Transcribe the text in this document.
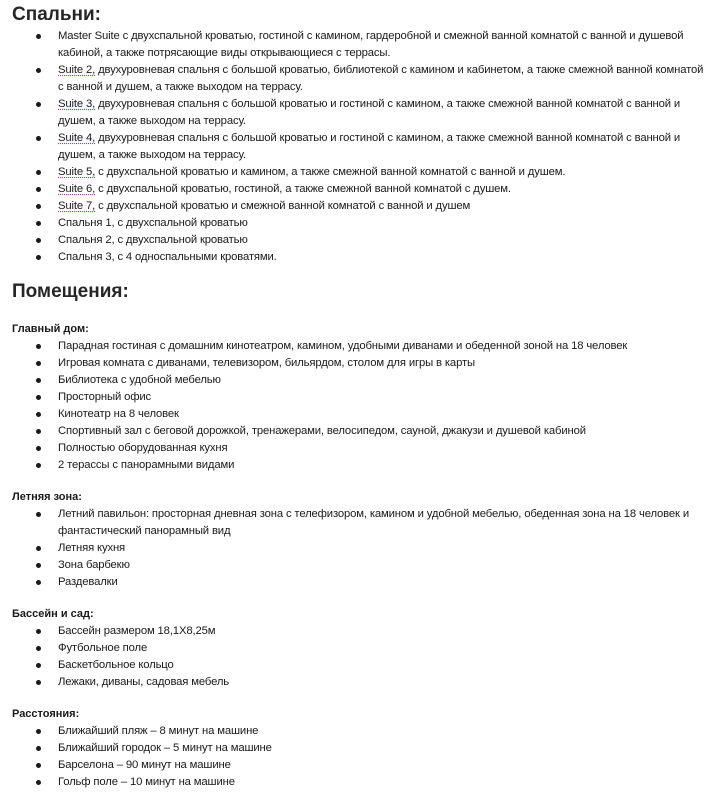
Спальни:
Master Suite с двухспальной кроватью, гостиной с камином, гардеробной и смежной ванной комнатой с ванной и душевой кабиной, а также потрясающие виды открывающиеся с террасы.
Suite 2, двухуровневая спальня с большой кроватью, библиотекой с камином и кабинетом, а также смежной ванной комнатой с ванной и душем, а также выходом на террасу.
Suite 3, двухуровневая спальня с большой кроватью и гостиной с камином, а также смежной ванной комнатой с ванной и душем, а также выходом на террасу.
Suite 4, двухуровневая спальня с большой кроватью и гостиной с камином, а также смежной ванной комнатой с ванной и душем, а также выходом на террасу.
Suite 5, с двухспальной кроватью и камином, а также смежной ванной комнатой с ванной и душем.
Suite 6, с двухспальной кроватью, гостиной, а также смежной ванной комнатой с душем.
Suite 7, с двухспальной кроватью и смежной ванной комнатой с ванной и душем
Спальня 1, с двухспальной кроватью
Спальня 2, с двухспальной кроватью
Спальня 3, с 4 односпальными кроватями.
Помещения:
Главный дом:
Парадная гостиная с домашним кинотеатром, камином, удобными диванами и обеденной зоной на 18 человек
Игровая комната с диванами, телевизором, бильярдом, столом для игры в карты
Библиотека с удобной мебелью
Просторный офис
Кинотеатр на 8 человек
Спортивный зал с беговой дорожкой, тренажерами, велосипедом, сауной, джакузи и душевой кабиной
Полностью оборудованная кухня
2 терассы с панорамными видами
Летняя зона:
Летний павильон: просторная дневная зона с телефизором, камином и удобной мебелью, обеденная зона на 18 человек и фантастический панорамный вид
Летняя кухня
Зона барбекю
Раздевалки
Бассейн и сад:
Бассейн размером 18,1X8,25м
Футбольное поле
Баскетбольное кольцо
Лежаки, диваны, садовая мебель
Расстояния:
Ближайший пляж – 8 минут на машине
Ближайший городок – 5 минут на машине
Барселона – 90 минут на машине
Гольф поле – 10 минут на машине
